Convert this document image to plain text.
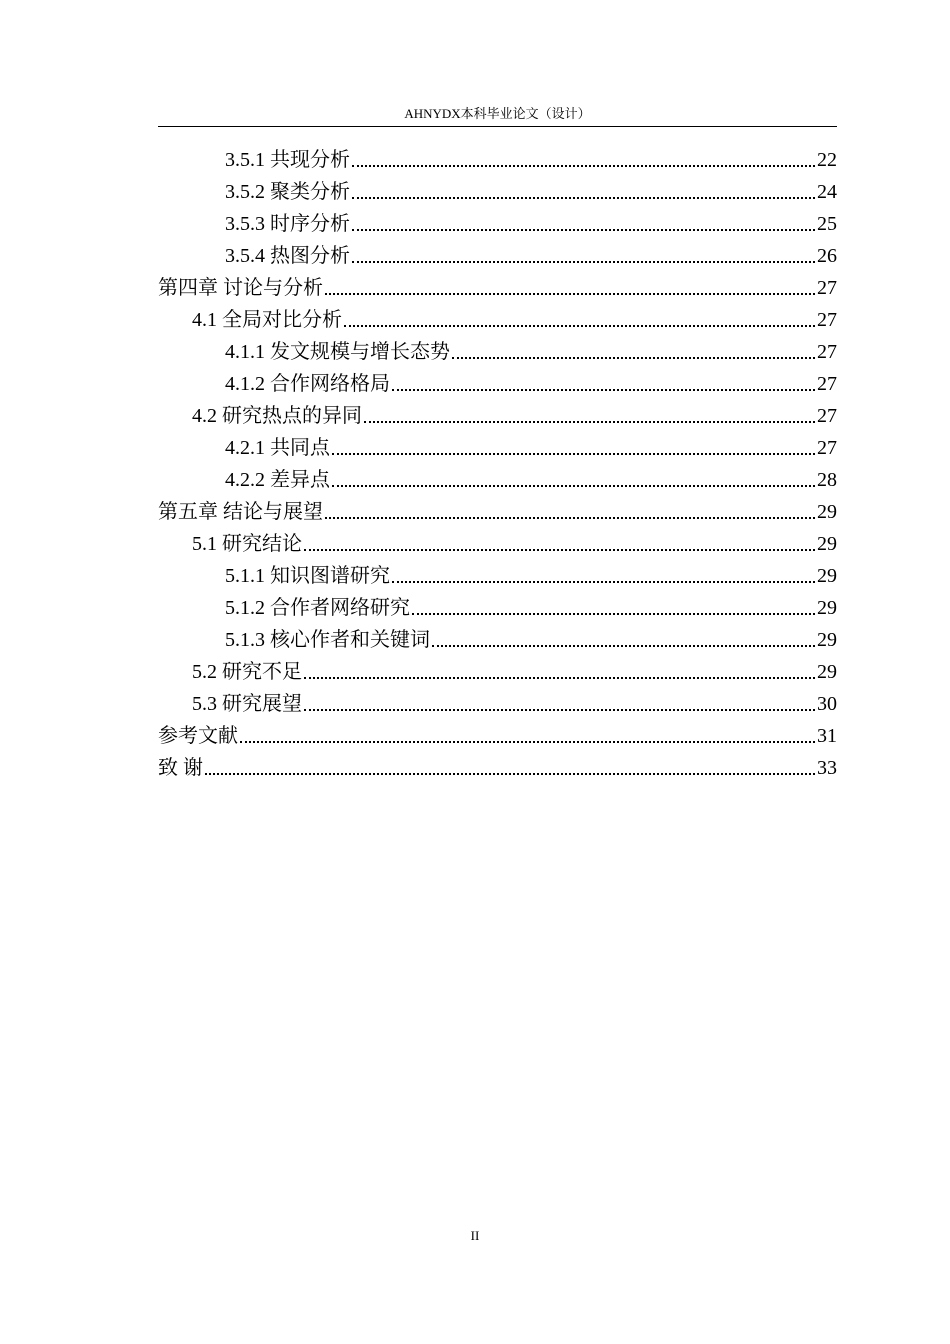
AHNYDX本科毕业论文（设计）
3.5.1 共现分析	22
3.5.2 聚类分析	24
3.5.3 时序分析	25
3.5.4 热图分析	26
第四章 讨论与分析	27
4.1 全局对比分析	27
4.1.1 发文规模与增长态势	27
4.1.2 合作网络格局	27
4.2 研究热点的异同	27
4.2.1 共同点	27
4.2.2 差异点	28
第五章 结论与展望	29
5.1 研究结论	29
5.1.1 知识图谱研究	29
5.1.2 合作者网络研究	29
5.1.3 核心作者和关键词	29
5.2 研究不足	29
5.3 研究展望	30
参考文献	31
致 谢	33
II
